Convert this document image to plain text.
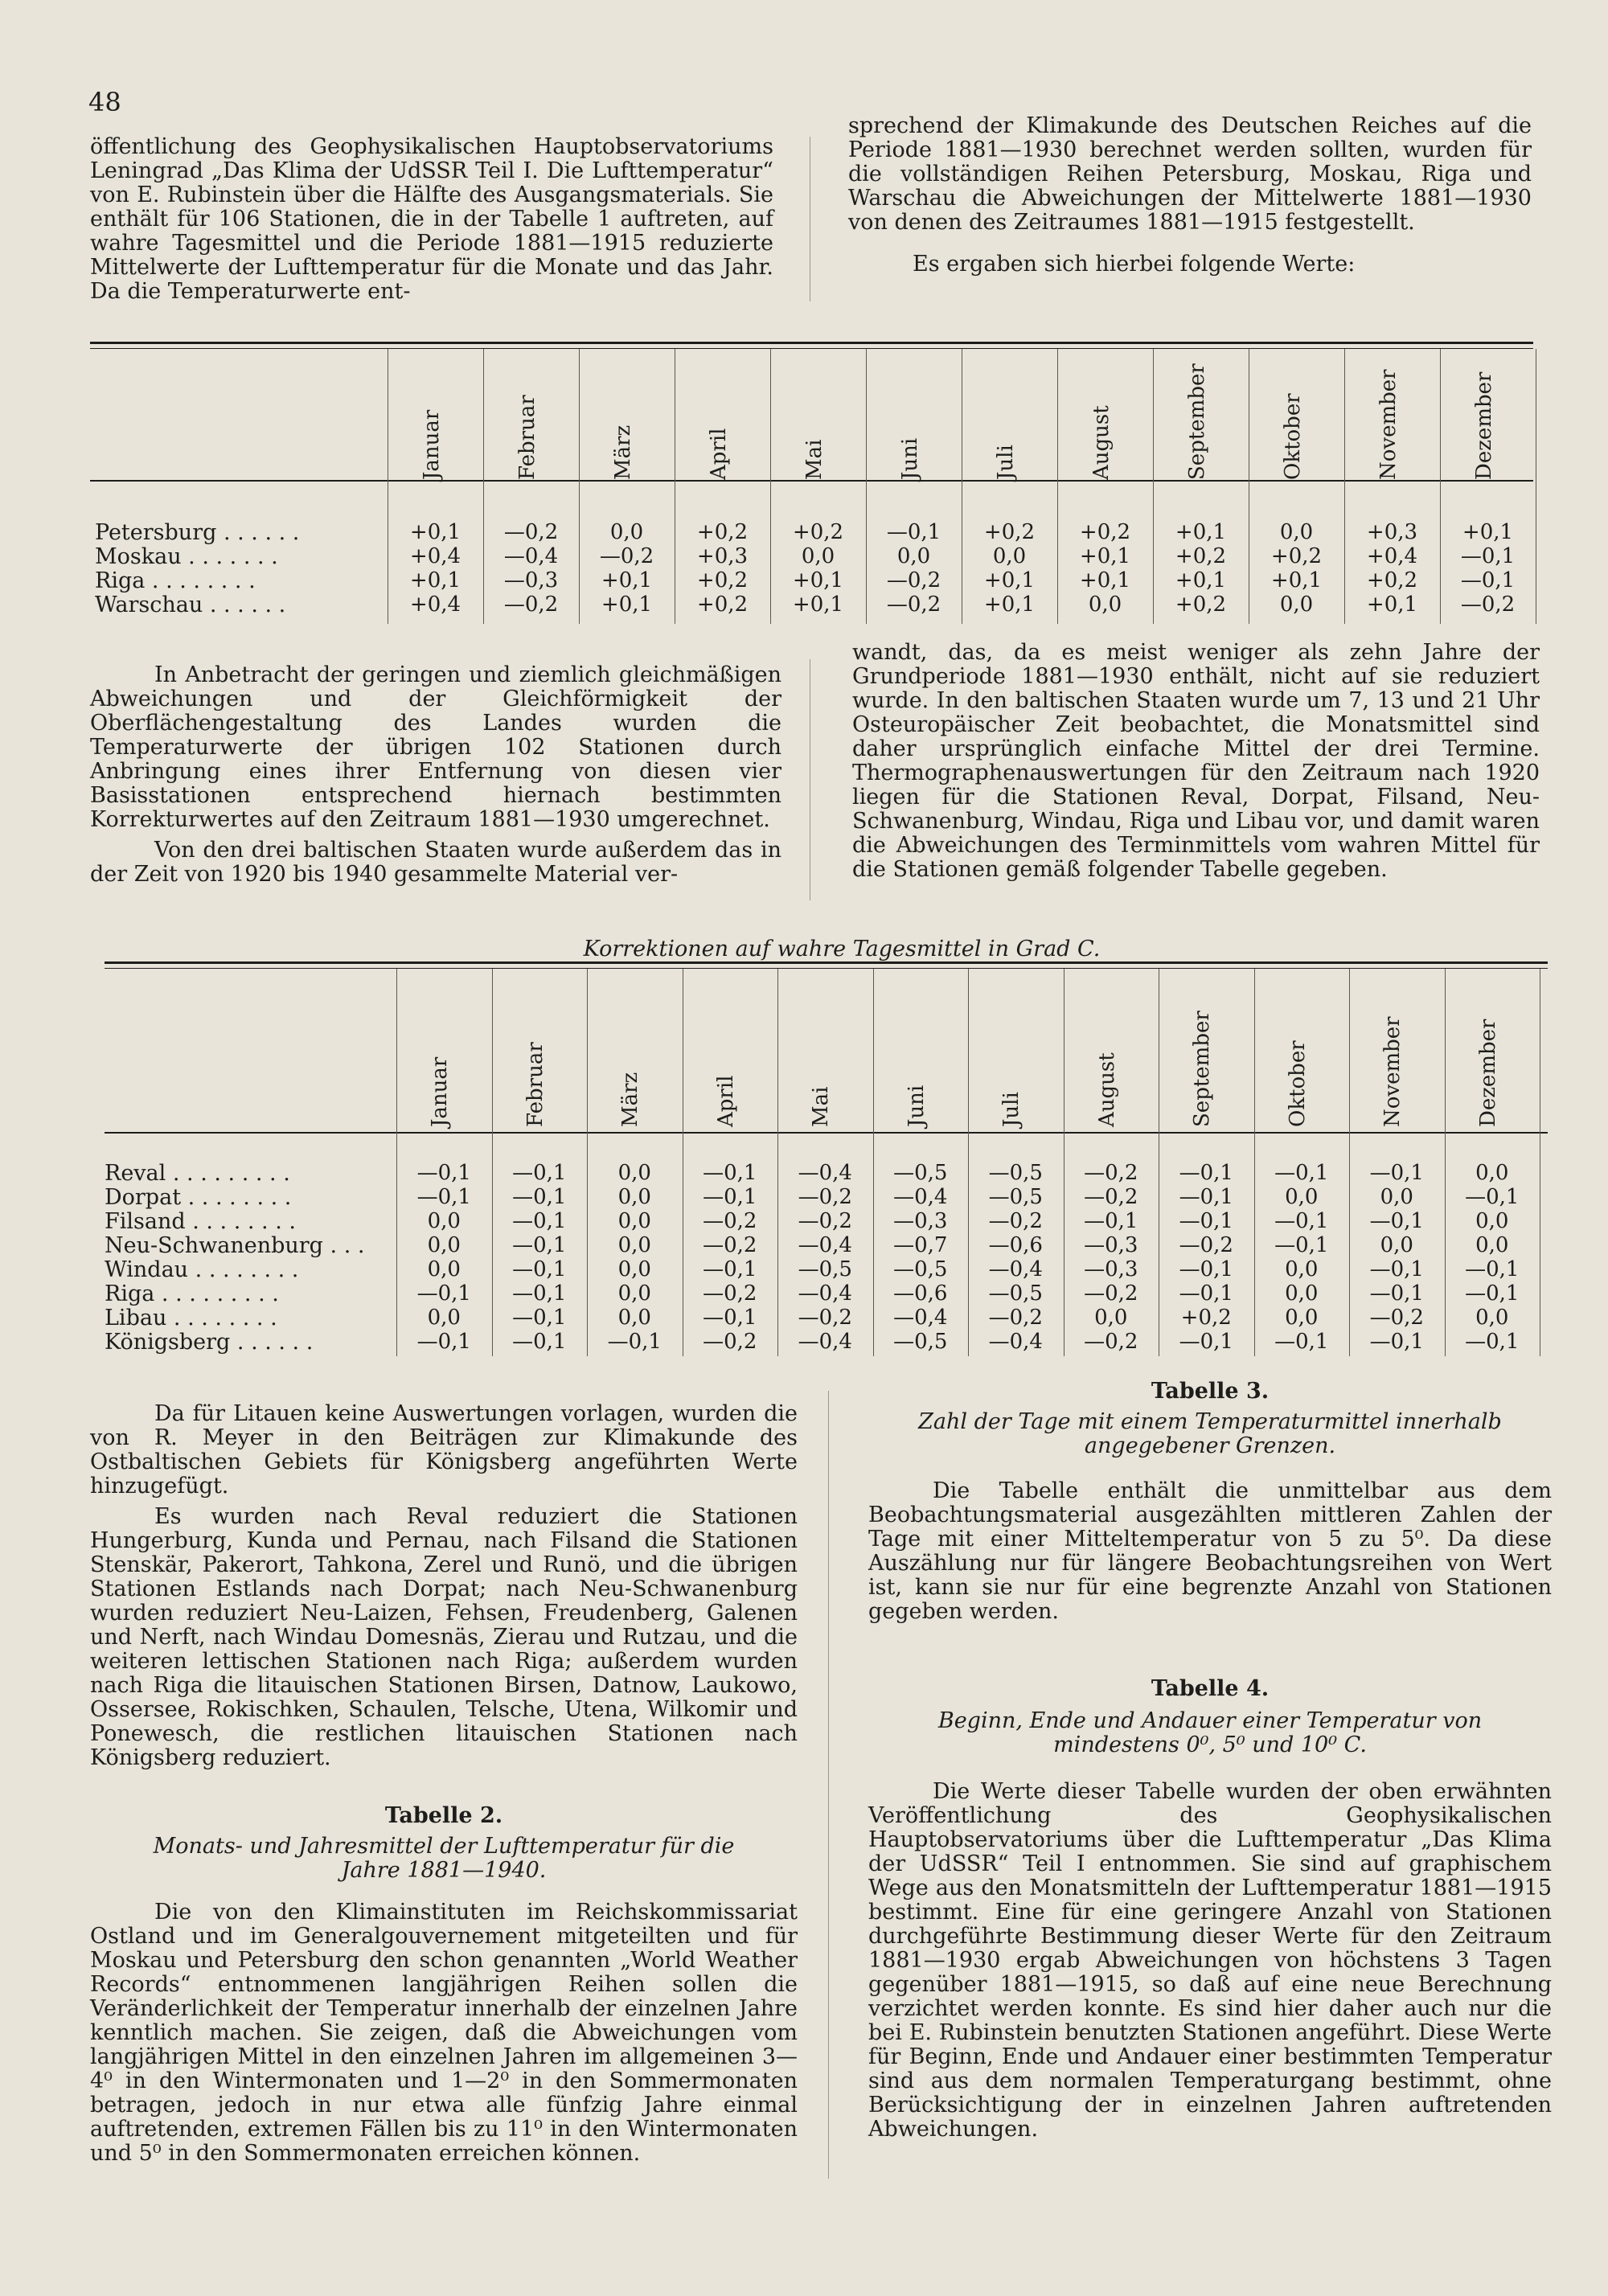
48

öffentlichung des Geophysikalischen Hauptobservatoriums Leningrad „Das Klima der UdSSR Teil I. Die Lufttemperatur“ von E. Rubinstein über die Hälfte des Ausgangsmaterials. Sie enthält für 106 Stationen, die in der Tabelle 1 auftreten, auf wahre Tagesmittel und die Periode 1881—1915 reduzierte Mittelwerte der Lufttemperatur für die Monate und das Jahr. Da die Temperaturwerte ent-

sprechend der Klimakunde des Deutschen Reiches auf die Periode 1881—1930 berechnet werden sollten, wurden für die vollständigen Reihen Petersburg, Moskau, Riga und Warschau die Abweichungen der Mittelwerte 1881—1930 von denen des Zeitraumes 1881—1915 festgestellt.

Es ergaben sich hierbei folgende Werte:

Januar	Februar	März	April	Mai	Juni	Juli	August	September	Oktober	November	Dezember
Petersburg . . . . . .	+0,1	—0,2	0,0	+0,2	+0,2	—0,1	+0,2	+0,2	+0,1	0,0	+0,3	+0,1
Moskau . . . . . . .	+0,4	—0,4	—0,2	+0,3	0,0	0,0	0,0	+0,1	+0,2	+0,2	+0,4	—0,1
Riga . . . . . . . .	+0,1	—0,3	+0,1	+0,2	+0,1	—0,2	+0,1	+0,1	+0,1	+0,1	+0,2	—0,1
Warschau . . . . . .	+0,4	—0,2	+0,1	+0,2	+0,1	—0,2	+0,1	0,0	+0,2	0,0	+0,1	—0,2

In Anbetracht der geringen und ziemlich gleichmäßigen Abweichungen und der Gleichförmigkeit der Oberflächengestaltung des Landes wurden die Temperaturwerte der übrigen 102 Stationen durch Anbringung eines ihrer Entfernung von diesen vier Basisstationen entsprechend hiernach bestimmten Korrekturwertes auf den Zeitraum 1881—1930 umgerechnet.

Von den drei baltischen Staaten wurde außerdem das in der Zeit von 1920 bis 1940 gesammelte Material ver-

wandt, das, da es meist weniger als zehn Jahre der Grundperiode 1881—1930 enthält, nicht auf sie reduziert wurde. In den baltischen Staaten wurde um 7, 13 und 21 Uhr Osteuropäischer Zeit beobachtet, die Monatsmittel sind daher ursprünglich einfache Mittel der drei Termine. Thermographenauswertungen für den Zeitraum nach 1920 liegen für die Stationen Reval, Dorpat, Filsand, Neu-Schwanenburg, Windau, Riga und Libau vor, und damit waren die Abweichungen des Terminmittels vom wahren Mittel für die Stationen gemäß folgender Tabelle gegeben.

Korrektionen auf wahre Tagesmittel in Grad C.
Januar	Februar	März	April	Mai	Juni	Juli	August	September	Oktober	November	Dezember
Reval . . . . . . . . .	—0,1	—0,1	0,0	—0,1	—0,4	—0,5	—0,5	—0,2	—0,1	—0,1	—0,1	0,0
Dorpat . . . . . . . .	—0,1	—0,1	0,0	—0,1	—0,2	—0,4	—0,5	—0,2	—0,1	0,0	0,0	—0,1
Filsand . . . . . . . .	0,0	—0,1	0,0	—0,2	—0,2	—0,3	—0,2	—0,1	—0,1	—0,1	—0,1	0,0
Neu-Schwanenburg . . .	0,0	—0,1	0,0	—0,2	—0,4	—0,7	—0,6	—0,3	—0,2	—0,1	0,0	0,0
Windau . . . . . . . .	0,0	—0,1	0,0	—0,1	—0,5	—0,5	—0,4	—0,3	—0,1	0,0	—0,1	—0,1
Riga . . . . . . . . .	—0,1	—0,1	0,0	—0,2	—0,4	—0,6	—0,5	—0,2	—0,1	0,0	—0,1	—0,1
Libau . . . . . . . .	0,0	—0,1	0,0	—0,1	—0,2	—0,4	—0,2	0,0	+0,2	0,0	—0,2	0,0
Königsberg . . . . . .	—0,1	—0,1	—0,1	—0,2	—0,4	—0,5	—0,4	—0,2	—0,1	—0,1	—0,1	—0,1

Da für Litauen keine Auswertungen vorlagen, wurden die von R. Meyer in den Beiträgen zur Klimakunde des Ostbaltischen Gebiets für Königsberg angeführten Werte hinzugefügt.

Es wurden nach Reval reduziert die Stationen Hungerburg, Kunda und Pernau, nach Filsand die Stationen Stenskär, Pakerort, Tahkona, Zerel und Runö, und die übrigen Stationen Estlands nach Dorpat; nach Neu-Schwanenburg wurden reduziert Neu-Laizen, Fehsen, Freudenberg, Galenen und Nerft, nach Windau Domesnäs, Zierau und Rutzau, und die weiteren lettischen Stationen nach Riga; außerdem wurden nach Riga die litauischen Stationen Birsen, Datnow, Laukowo, Ossersee, Rokischken, Schaulen, Telsche, Utena, Wilkomir und Ponewesch, die restlichen litauischen Stationen nach Königsberg reduziert.

Tabelle 2.
Monats- und Jahresmittel der Lufttemperatur für die Jahre 1881—1940.

Die von den Klimainstituten im Reichskommissariat Ostland und im Generalgouvernement mitgeteilten und für Moskau und Petersburg den schon genannten „World Weather Records“ entnommenen langjährigen Reihen sollen die Veränderlichkeit der Temperatur innerhalb der einzelnen Jahre kenntlich machen. Sie zeigen, daß die Abweichungen vom langjährigen Mittel in den einzelnen Jahren im allgemeinen 3—4⁰ in den Wintermonaten und 1—2⁰ in den Sommermonaten betragen, jedoch in nur etwa alle fünfzig Jahre einmal auftretenden, extremen Fällen bis zu 11⁰ in den Wintermonaten und 5⁰ in den Sommermonaten erreichen können.

Tabelle 3.
Zahl der Tage mit einem Temperaturmittel innerhalb angegebener Grenzen.

Die Tabelle enthält die unmittelbar aus dem Beobachtungsmaterial ausgezählten mittleren Zahlen der Tage mit einer Mitteltemperatur von 5 zu 5⁰. Da diese Auszählung nur für längere Beobachtungsreihen von Wert ist, kann sie nur für eine begrenzte Anzahl von Stationen gegeben werden.

Tabelle 4.
Beginn, Ende und Andauer einer Temperatur von mindestens 0⁰, 5⁰ und 10⁰ C.

Die Werte dieser Tabelle wurden der oben erwähnten Veröffentlichung des Geophysikalischen Hauptobservatoriums über die Lufttemperatur „Das Klima der UdSSR“ Teil I entnommen. Sie sind auf graphischem Wege aus den Monatsmitteln der Lufttemperatur 1881—1915 bestimmt. Eine für eine geringere Anzahl von Stationen durchgeführte Bestimmung dieser Werte für den Zeitraum 1881—1930 ergab Abweichungen von höchstens 3 Tagen gegenüber 1881—1915, so daß auf eine neue Berechnung verzichtet werden konnte. Es sind hier daher auch nur die bei E. Rubinstein benutzten Stationen angeführt. Diese Werte für Beginn, Ende und Andauer einer bestimmten Temperatur sind aus dem normalen Temperaturgang bestimmt, ohne Berücksichtigung der in einzelnen Jahren auftretenden Abweichungen.
